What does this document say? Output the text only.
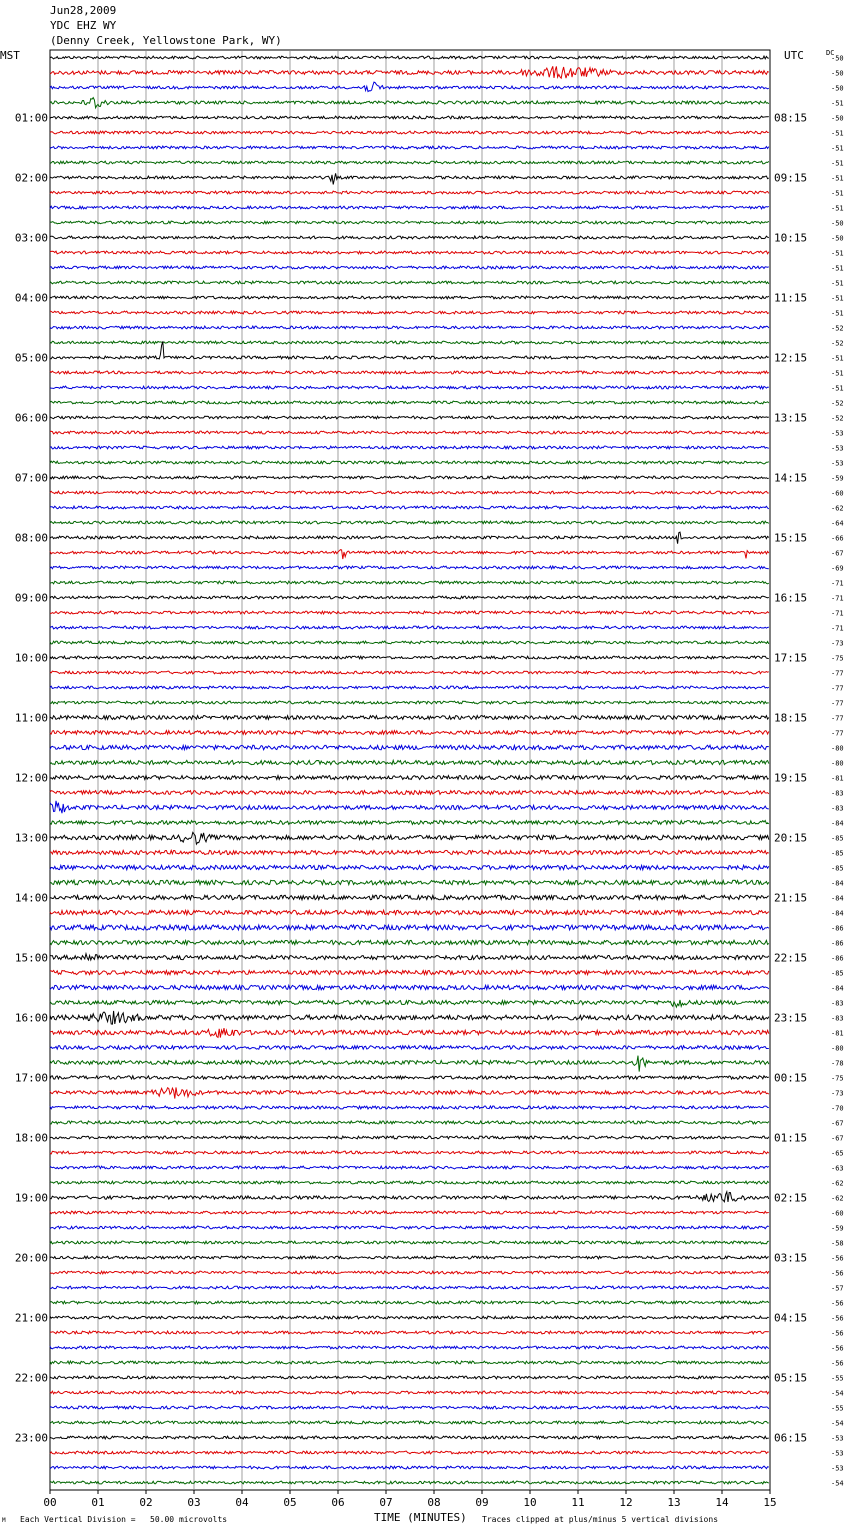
-50
-50
-50
-51
-50
-51
-51
-51
-51
-51
-51
-50
-50
-51
-51
-51
-51
-51
-52
-52
-51
-51
-51
-52
-52
-53
-53
-53
-59
-60
-62
-64
-66
-67
-69
-71
-71
-71
-71
-73
-75
-77
-77
-77
-77
-77
-80
-80
-81
-83
-83
-84
-85
-85
-85
-84
-84
-84
-86
-86
-86
-85
-84
-83
-83
-81
-80
-78
-75
-73
-70
-67
-67
-65
-63
-62
-62
-60
-59
-58
-56
-56
-57
-56
-56
-56
-56
-56
-55
-54
-55
-54
-53
-53
-53
-54
01:00
02:00
03:00
04:00
05:00
06:00
07:00
08:00
09:00
10:00
11:00
12:00
13:00
14:00
15:00
16:00
17:00
18:00
19:00
20:00
21:00
22:00
23:00
08:15
09:15
10:15
11:15
12:15
13:15
14:15
15:15
16:15
17:15
18:15
19:15
20:15
21:15
22:15
23:15
00:15
01:15
02:15
03:15
04:15
05:15
06:15
00	01	02	03	04	05	06	07	08	09	10	11	12	13	14	15
Jun28,2009
YDC EHZ WY
(Denny Creek, Yellowstone Park, WY)
MST	UTC	DC
M Each Vertical Division =   50.00 microvolts	TIME (MINUTES) Traces clipped at plus/minus 5 vertical divisions
